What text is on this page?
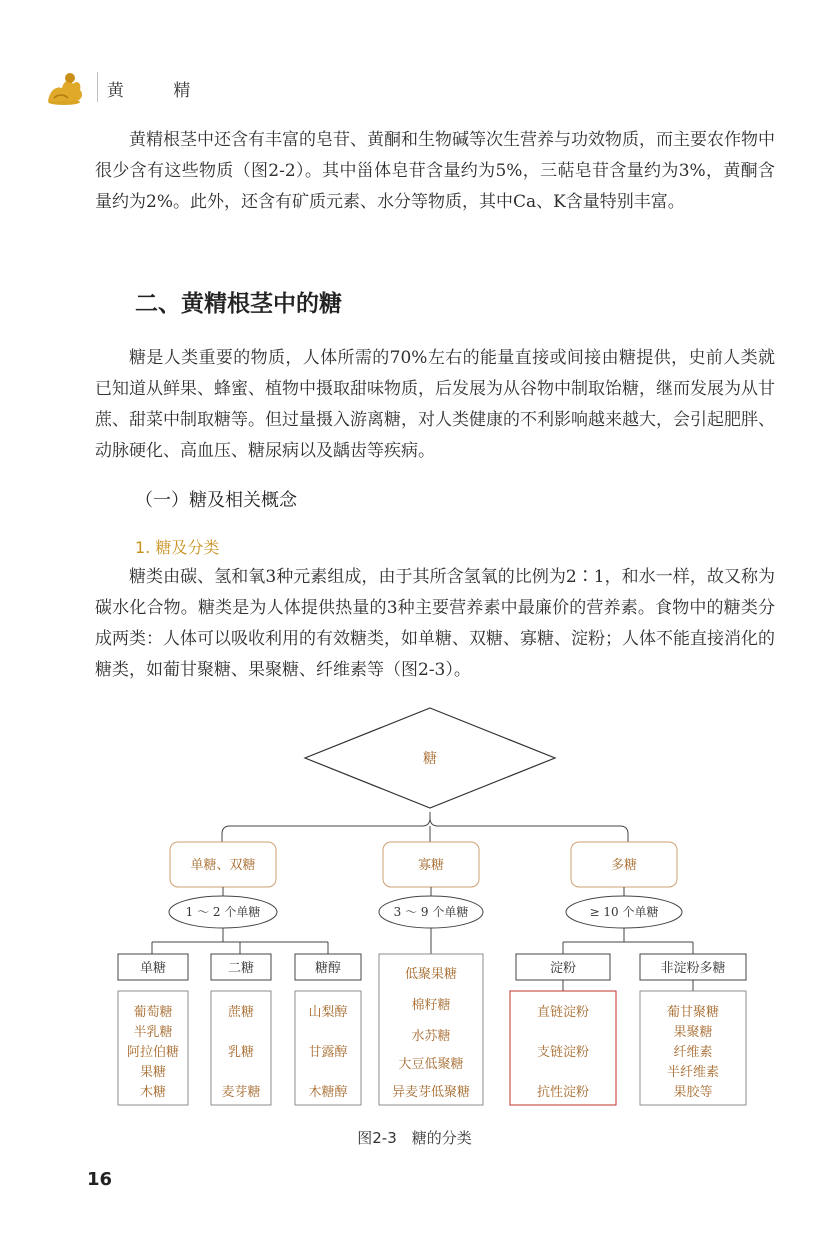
黄 精

黄精根茎中还含有丰富的皂苷、黄酮和生物碱等次生营养与功效物质，而主要农作物中很少含有这些物质（图2-2）。其中甾体皂苷含量约为5%，三萜皂苷含量约为3%，黄酮含量约为2%。此外，还含有矿质元素、水分等物质，其中Ca、K含量特别丰富。

二、黄精根茎中的糖

糖是人类重要的物质，人体所需的70%左右的能量直接或间接由糖提供，史前人类就已知道从鲜果、蜂蜜、植物中摄取甜味物质，后发展为从谷物中制取饴糖，继而发展为从甘蔗、甜菜中制取糖等。但过量摄入游离糖，对人类健康的不利影响越来越大，会引起肥胖、动脉硬化、高血压、糖尿病以及龋齿等疾病。

（一）糖及相关概念
1. 糖及分类

糖类由碳、氢和氧3种元素组成，由于其所含氢氧的比例为2∶1，和水一样，故又称为碳水化合物。糖类是为人体提供热量的3种主要营养素中最廉价的营养素。食物中的糖类分成两类：人体可以吸收利用的有效糖类，如单糖、双糖、寡糖、淀粉；人体不能直接消化的糖类，如葡甘聚糖、果聚糖、纤维素等（图2-3）。

糖
单糖、双糖	寡糖	多糖
1 ～ 2 个单糖	3 ～ 9 个单糖	≥ 10 个单糖
单糖	二糖	糖醇	淀粉	非淀粉多糖
葡萄糖
半乳糖
阿拉伯糖
果糖
木糖
蔗糖
乳糖
麦芽糖
山梨醇
甘露醇
木糖醇
低聚果糖
棉籽糖
水苏糖
大豆低聚糖
异麦芽低聚糖
直链淀粉
支链淀粉
抗性淀粉
葡甘聚糖
果聚糖
纤维素
半纤维素
果胶等
图2-3　糖的分类
16
